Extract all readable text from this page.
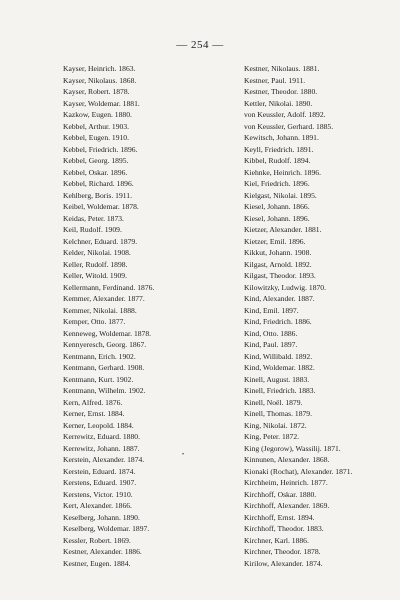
— 254 —
Kayser, Heinrich. 1863.
Kayser, Nikolaus. 1868.
Kayser, Robert. 1878.
Kayser, Woldemar. 1881.
Kazkow, Eugen. 1880.
Kebbel, Arthur. 1903.
Kebbel, Eugen. 1910.
Kebbel, Friedrich. 1896.
Kebbel, Georg. 1895.
Kebbel, Oskar. 1896.
Kebbel, Richard. 1896.
Kehlberg, Boris. 1911.
Keibel, Woldemar. 1878.
Keidas, Peter. 1873.
Keil, Rudolf. 1909.
Kelchner, Eduard. 1879.
Kelder, Nikolai. 1908.
Keller, Rudolf. 1898.
Keller, Witold. 1909.
Kellermann, Ferdinand. 1876.
Kemmer, Alexander. 1877.
Kemmer, Nikolai. 1888.
Kemper, Otto. 1877.
Kenneweg, Woldemar. 1878.
Kennyeresch, Georg. 1867.
Kentmann, Erich. 1902.
Kentmann, Gerhard. 1908.
Kentmann, Kurt. 1902.
Kentmann, Wilhelm. 1902.
Kern, Alfred. 1876.
Kerner, Ernst. 1884.
Kerner, Leopold. 1884.
Kerrewitz, Eduard. 1880.
Kerrewitz, Johann. 1887.
Kerstein, Alexander. 1874.
Kerstein, Eduard. 1874.
Kerstens, Eduard. 1907.
Kerstens, Victor. 1910.
Kert, Alexander. 1866.
Keselberg, Johann. 1890.
Keselberg, Woldemar. 1897.
Kessler, Robert. 1869.
Kestner, Alexander. 1886.
Kestner, Eugen. 1884.
Kestner, Nikolaus. 1881.
Kestner, Paul. 1911.
Kestner, Theodor. 1880.
Kettler, Nikolai. 1890.
von Keussler, Adolf. 1892.
von Keussler, Gerhard. 1885.
Kewitsch, Johann. 1891.
Keyll, Friedrich. 1891.
Kibbel, Rudolf. 1894.
Kiehnke, Heinrich. 1896.
Kiel, Friedrich. 1896.
Kielgast, Nikolai. 1895.
Kiesel, Johann. 1866.
Kiesel, Johann. 1896.
Kietzer, Alexander. 1881.
Kietzer, Emil. 1896.
Kikkut, Johann. 1908.
Kilgast, Arnold. 1892.
Kilgast, Theodor. 1893.
Kilowitzky, Ludwig. 1870.
Kind, Alexander. 1887.
Kind, Emil. 1897.
Kind, Friedrich. 1886.
Kind, Otto. 1886.
Kind, Paul. 1897.
Kind, Willibald. 1892.
Kind, Woldemar. 1882.
Kinell, August. 1883.
Kinell, Friedrich. 1883.
Kinell, Noël. 1879.
Kinell, Thomas. 1879.
King, Nikolai. 1872.
King, Peter. 1872.
King (Jegorow), Wassilij. 1871.
Kinnunen, Alexander. 1868.
Kionaki (Rochat), Alexander. 1871.
Kirchheim, Heinrich. 1877.
Kirchhoff, Oskar. 1880.
Kirchhoff, Alexander. 1869.
Kirchhoff, Ernst. 1894.
Kirchhoff, Theodor. 1883.
Kirchner, Karl. 1886.
Kirchner, Theodor. 1878.
Kirilow, Alexander. 1874.
•
